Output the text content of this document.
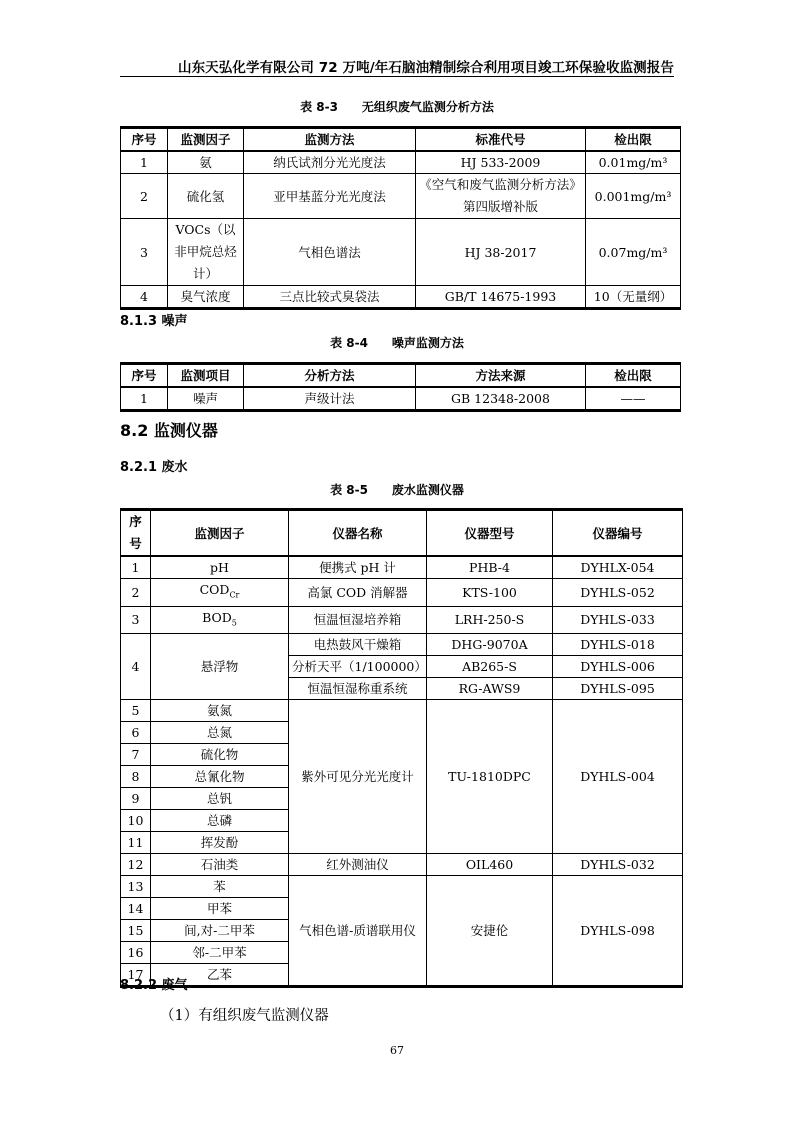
山东天弘化学有限公司 72 万吨/年石脑油精制综合利用项目竣工环保验收监测报告
表 8-3　　无组织废气监测分析方法
序号	监测因子	监测方法	标准代号	检出限
1	氨	纳氏试剂分光光度法	HJ 533-2009	0.01mg/m³
2	硫化氢	亚甲基蓝分光光度法	《空气和废气监测分析方法》第四版增补版	0.001mg/m³
3	VOCs（以非甲烷总烃计）	气相色谱法	HJ 38-2017	0.07mg/m³
4	臭气浓度	三点比较式臭袋法	GB/T 14675-1993	10（无量纲）
8.1.3 噪声
表 8-4　　噪声监测方法
序号	监测项目	分析方法	方法来源	检出限
1	噪声	声级计法	GB 12348-2008	——
8.2 监测仪器
8.2.1 废水
表 8-5　　废水监测仪器
序号	监测因子	仪器名称	仪器型号	仪器编号
1	pH	便携式 pH 计	PHB-4	DYHLX-054
2	$COD_{Cr}$	高氯 COD 消解器	KTS-100	DYHLS-052
3	$BOD_5$	恒温恒湿培养箱	LRH-250-S	DYHLS-033
4	悬浮物	电热鼓风干燥箱	DHG-9070A	DYHLS-018
		分析天平（1/100000）	AB265-S	DYHLS-006
		恒温恒湿称重系统	RG-AWS9	DYHLS-095
5	氨氮	紫外可见分光光度计	TU-1810DPC	DYHLS-004
6	总氮			
7	硫化物			
8	总氰化物			
9	总钒			
10	总磷			
11	挥发酚			
12	石油类	红外测油仪	OIL460	DYHLS-032
13	苯	气相色谱-质谱联用仪	安捷伦	DYHLS-098
14	甲苯			
15	间,对-二甲苯			
16	邻-二甲苯			
17	乙苯			
8.2.2 废气
（1）有组织废气监测仪器
67
